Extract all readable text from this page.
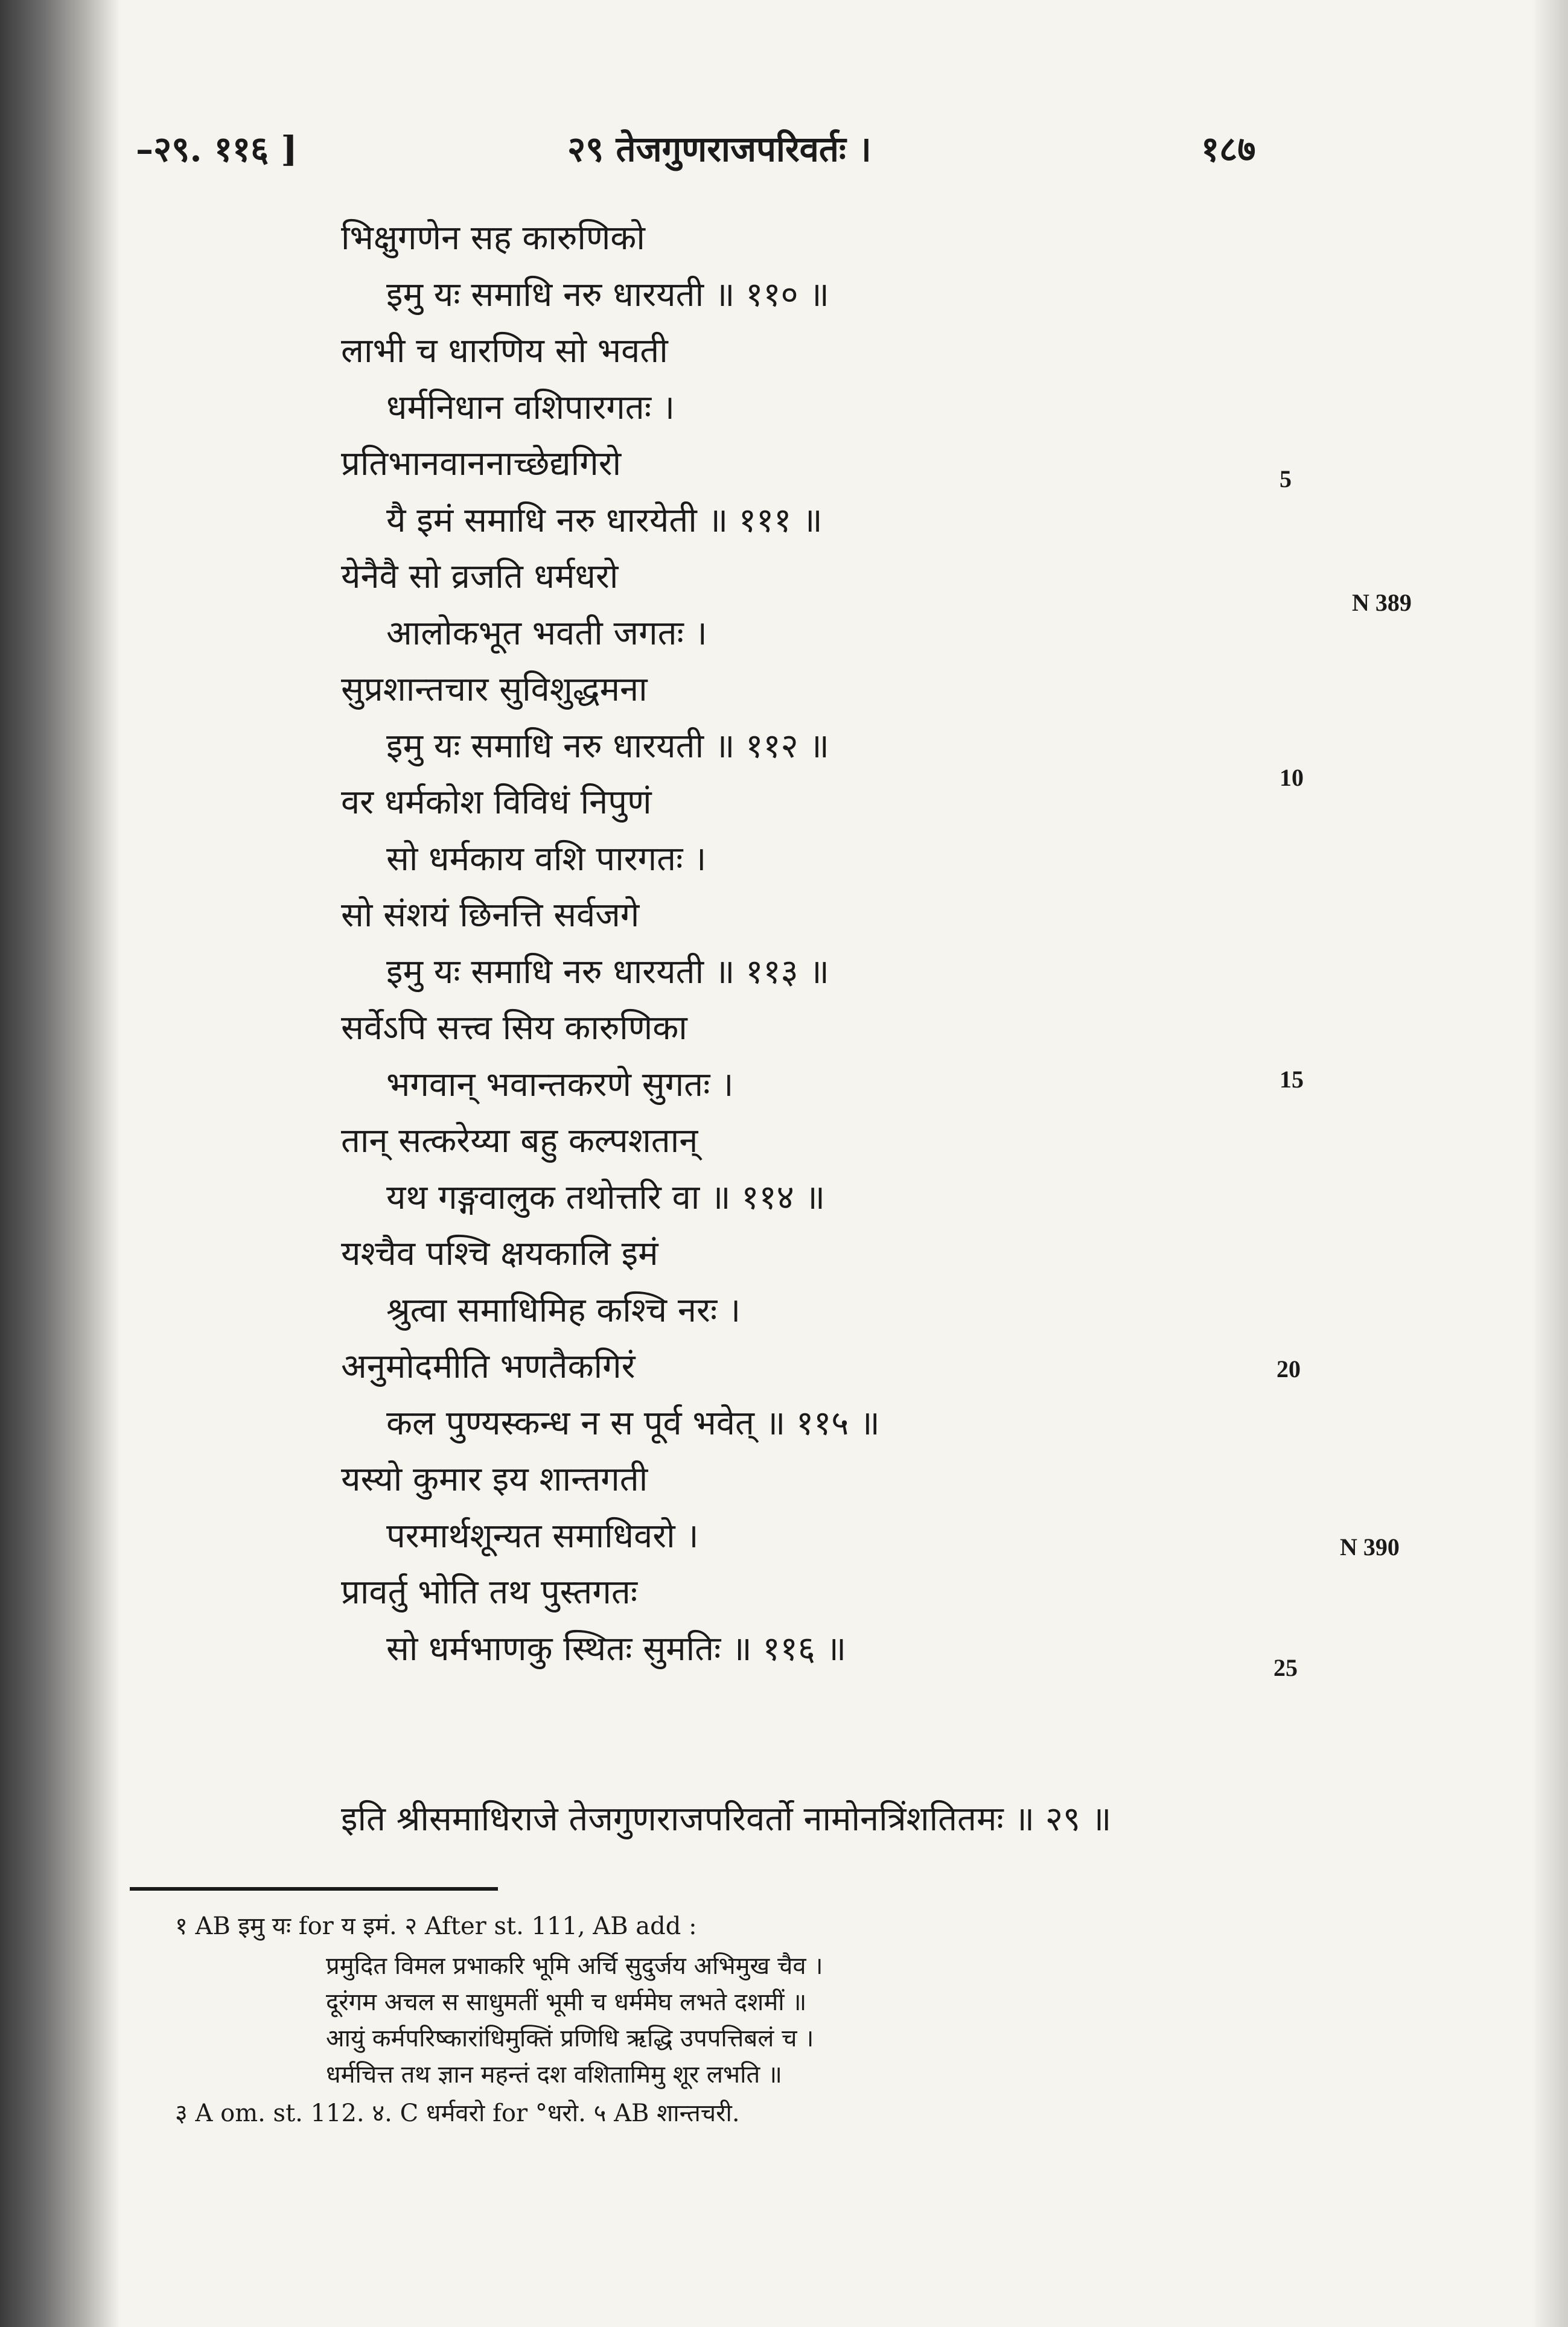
–२९. ११६ ]	२९ तेजगुणराजपरिवर्तः ।	१८७
भिक्षुगणेन सह कारुणिको
इमु यः समाधि नरु धारयती ॥ ११० ॥
लाभी च धारणिय सो भवती
धर्मनिधान वशिपारगतः ।
प्रतिभानवाननाच्छेद्यगिरो
यै इमं समाधि नरु धारयेती ॥ १११ ॥
येनैवै सो व्रजति धर्मधरो
आलोकभूत भवती जगतः ।
सुप्रशान्तचार सुविशुद्धमना
इमु यः समाधि नरु धारयती ॥ ११२ ॥
वर धर्मकोश विविधं निपुणं
सो धर्मकाय वशि पारगतः ।
सो संशयं छिनत्ति सर्वजगे
इमु यः समाधि नरु धारयती ॥ ११३ ॥
सर्वेऽपि सत्त्व सिय कारुणिका
भगवान् भवान्तकरणे सुगतः ।
तान् सत्करेय्या बहु कल्पशतान्
यथ गङ्गवालुक तथोत्तरि वा ॥ ११४ ॥
यश्चैव पश्चि क्षयकालि इमं
श्रुत्वा समाधिमिह कश्चि नरः ।
अनुमोदमीति भणतैकगिरं
कल पुण्यस्कन्ध न स पूर्व भवेत् ॥ ११५ ॥
यस्यो कुमार इय शान्तगती
परमार्थशून्यत समाधिवरो ।
प्रावर्तु भोति तथ पुस्तगतः
सो धर्मभाणकु स्थितः सुमतिः ॥ ११६ ॥
इति श्रीसमाधिराजे तेजगुणराजपरिवर्तो नामोनत्रिंशतितमः ॥ २९ ॥
5
N 389
10
15
20
N 390
25
१ AB इमु यः for य इमं. २ After st. 111, AB add :
प्रमुदित विमल प्रभाकरि भूमि अर्चि सुदुर्जय अभिमुख चैव ।
दूरंगम अचल स साधुमतीं भूमी च धर्ममेघ लभते दशमीं ॥
आयुं कर्मपरिष्कारांधिमुक्तिं प्रणिधि ऋद्धि उपपत्तिबलं च ।
धर्मचित्त तथ ज्ञान महन्तं दश वशितामिमु शूर लभति ॥
३ A om. st. 112. ४. C धर्मवरो for °धरो. ५ AB शान्तचरी.
